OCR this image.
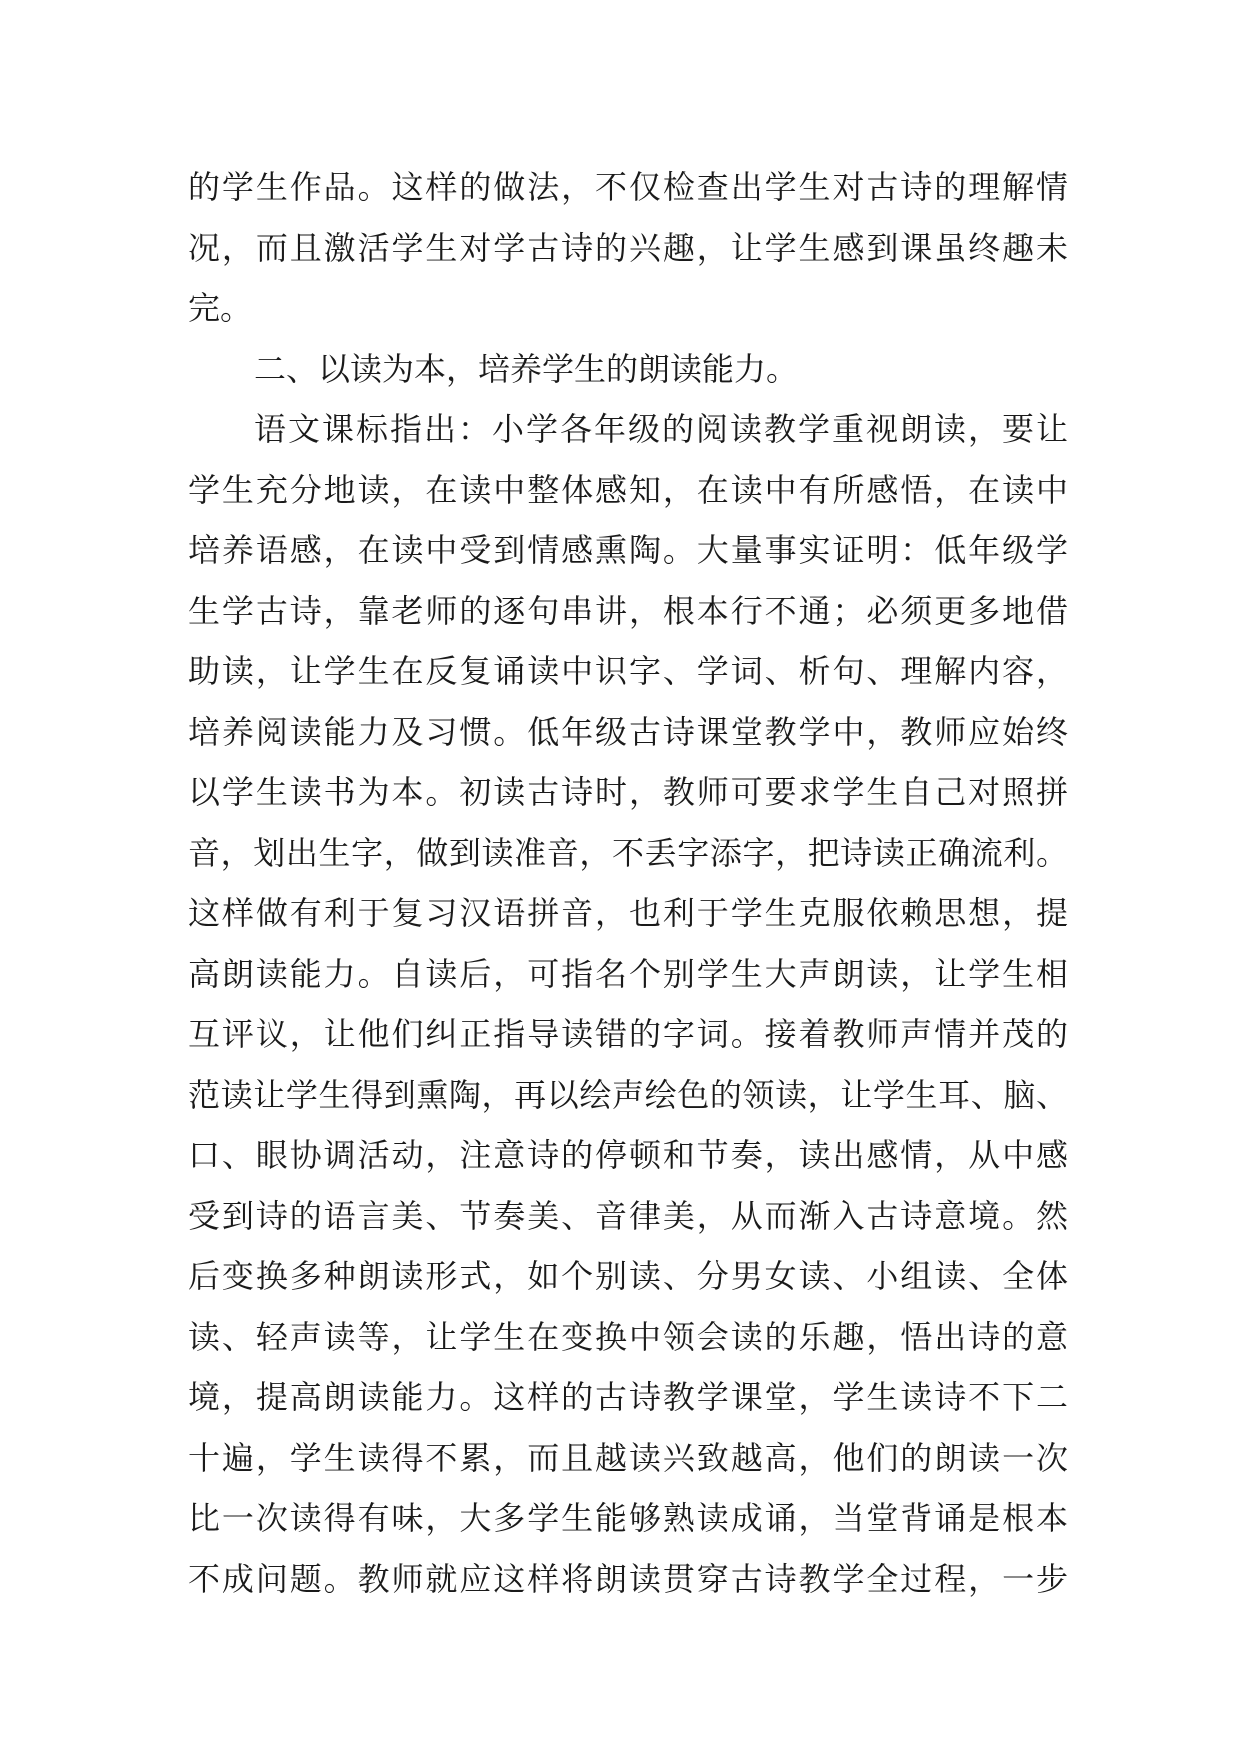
的学生作品。这样的做法，不仅检查出学生对古诗的理解情
况，而且激活学生对学古诗的兴趣，让学生感到课虽终趣未
完。
二、以读为本，培养学生的朗读能力。
语文课标指出：小学各年级的阅读教学重视朗读，要让
学生充分地读，在读中整体感知，在读中有所感悟，在读中
培养语感，在读中受到情感熏陶。大量事实证明：低年级学
生学古诗，靠老师的逐句串讲，根本行不通；必须更多地借
助读，让学生在反复诵读中识字、学词、析句、理解内容，
培养阅读能力及习惯。低年级古诗课堂教学中，教师应始终
以学生读书为本。初读古诗时，教师可要求学生自己对照拼
音，划出生字，做到读准音，不丢字添字，把诗读正确流利。
这样做有利于复习汉语拼音，也利于学生克服依赖思想，提
高朗读能力。自读后，可指名个别学生大声朗读，让学生相
互评议，让他们纠正指导读错的字词。接着教师声情并茂的
范读让学生得到熏陶，再以绘声绘色的领读，让学生耳、脑、
口、眼协调活动，注意诗的停顿和节奏，读出感情，从中感
受到诗的语言美、节奏美、音律美，从而渐入古诗意境。然
后变换多种朗读形式，如个别读、分男女读、小组读、全体
读、轻声读等，让学生在变换中领会读的乐趣，悟出诗的意
境，提高朗读能力。这样的古诗教学课堂，学生读诗不下二
十遍，学生读得不累，而且越读兴致越高，他们的朗读一次
比一次读得有味，大多学生能够熟读成诵，当堂背诵是根本
不成问题。教师就应这样将朗读贯穿古诗教学全过程，一步
